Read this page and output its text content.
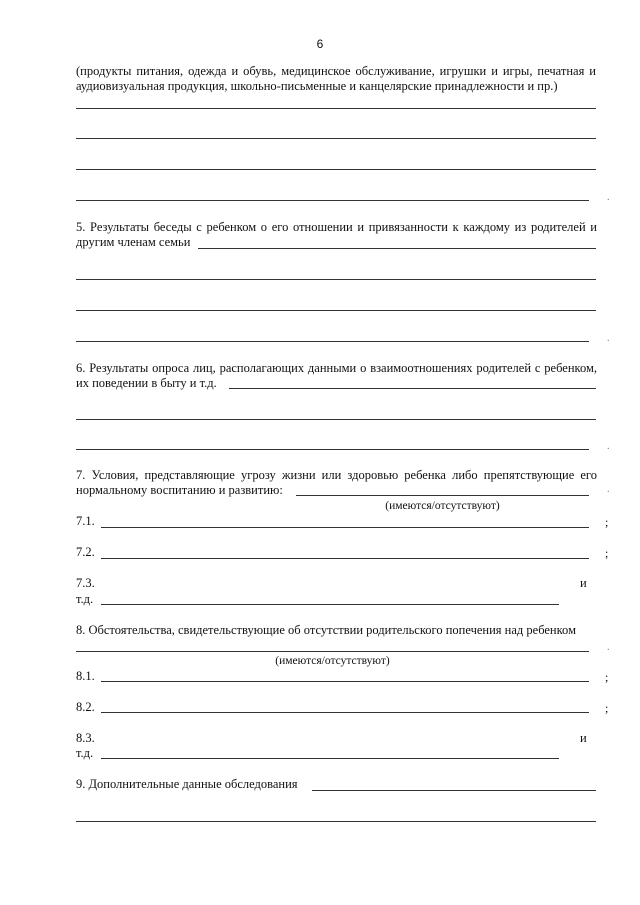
6
(продукты питания, одежда и обувь, медицинское обслуживание, игрушки и игры, печатная и аудиовизуальная продукция, школьно-письменные и канцелярские принадлежности и пр.)
.
5. Результаты беседы с ребенком о его отношении и привязанности к каждому из родителей и другим членам семьи
.
6. Результаты опроса лиц, располагающих данными о взаимоотношениях родителей с ребенком, их поведении в быту и т.д.
.
7. Условия, представляющие угрозу жизни или здоровью ребенка либо препятствующие его нормальному воспитанию и развитию:
(имеются/отсутствуют)
.
7.1.	;
7.2.	;
7.3.	и
т.д.
8. Обстоятельства, свидетельствующие об отсутствии родительского попечения над ребенком
(имеются/отсутствуют)
.
8.1.	;
8.2.	;
8.3.	и
т.д.
9. Дополнительные данные обследования
